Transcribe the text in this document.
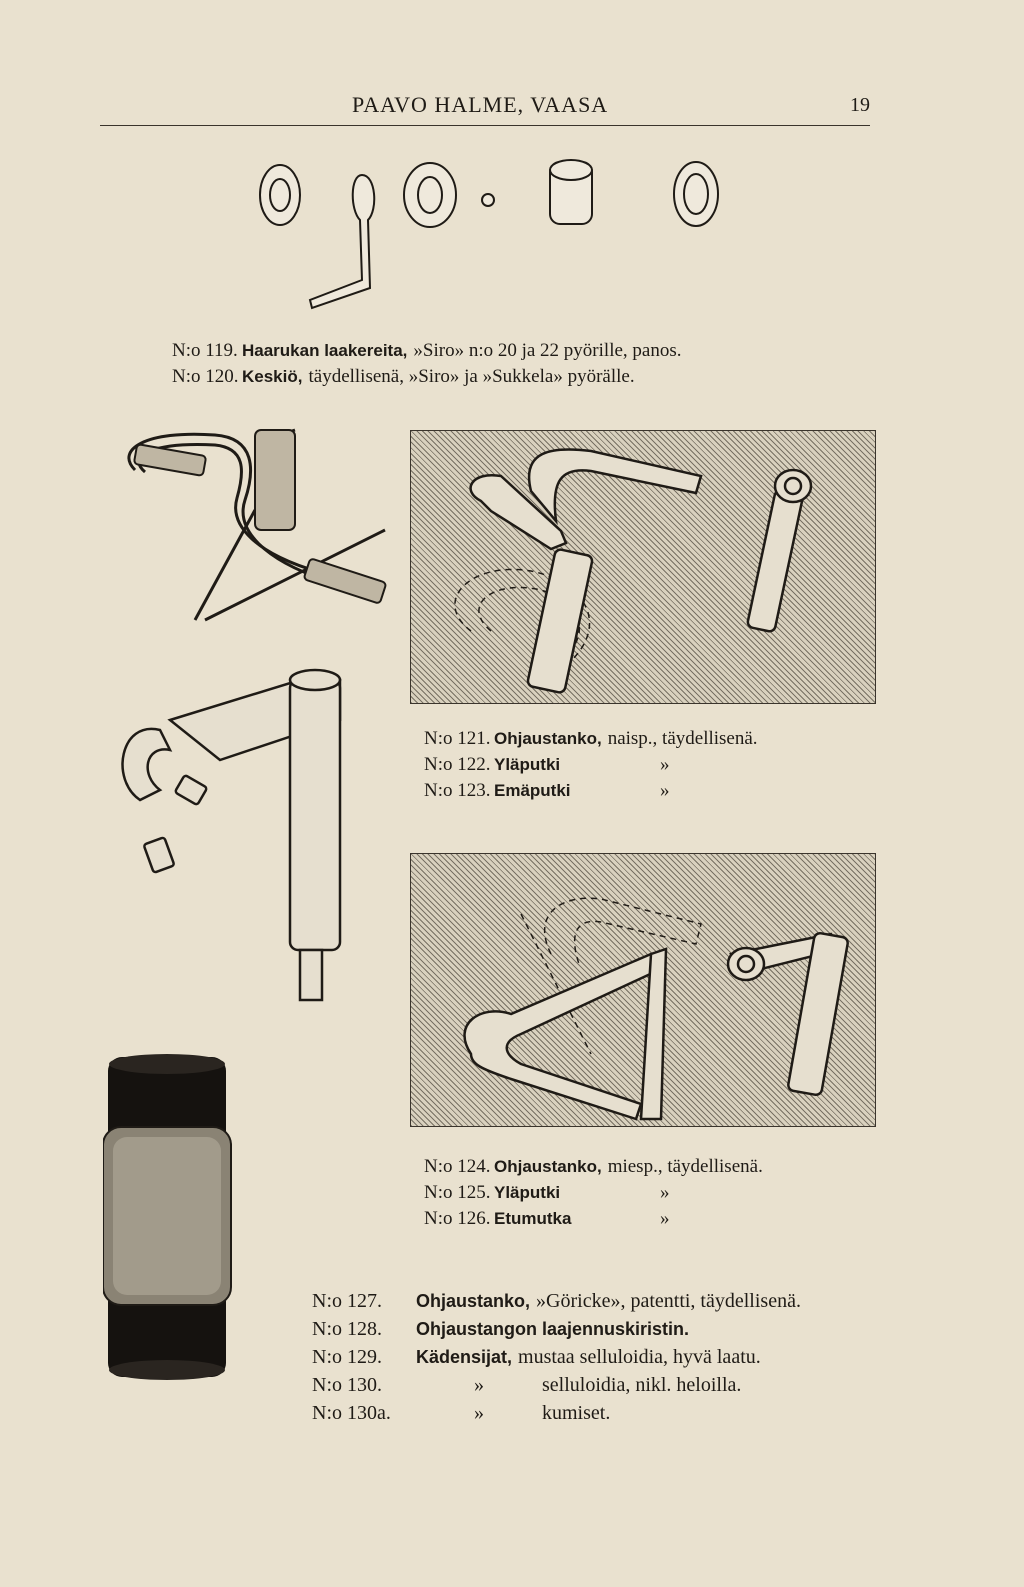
PAAVO HALME, VAASA	19
N:o 119. Haarukan laakereita, »Siro» n:o 20 ja 22 pyörille, panos.
N:o 120. Keskiö, täydellisenä, »Siro» ja »Sukkela» pyörälle.
N:o 121. Ohjaustanko, naisp., täydellisenä.
N:o 122. Yläputki	»
N:o 123. Emäputki	»
N:o 124. Ohjaustanko, miesp., täydellisenä.
N:o 125. Yläputki	»
N:o 126. Etumutka	»
N:o 127.	Ohjaustanko, »Göricke», patentti, täydellisenä.
N:o 128.	Ohjaustangon laajennuskiristin.
N:o 129.	Kädensijat, mustaa selluloidia, hyvä laatu.
N:o 130.	»	selluloidia, nikl. heloilla.
N:o 130a.	»	kumiset.
